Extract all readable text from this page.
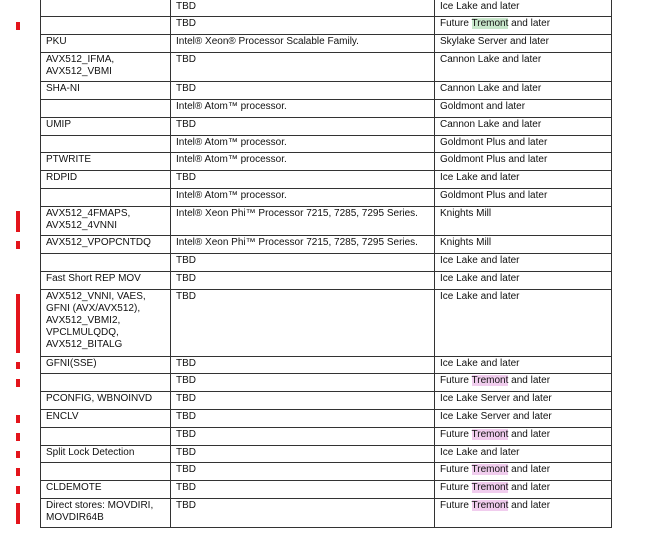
	TBD	Ice Lake and later
	TBD	Future Tremont and later
PKU	Intel® Xeon® Processor Scalable Family.	Skylake Server and later
AVX512_IFMA, AVX512_VBMI	TBD	Cannon Lake and later
SHA-NI	TBD	Cannon Lake and later
	Intel® Atom™ processor.	Goldmont and later
UMIP	TBD	Cannon Lake and later
	Intel® Atom™ processor.	Goldmont Plus and later
PTWRITE	Intel® Atom™ processor.	Goldmont Plus and later
RDPID	TBD	Ice Lake and later
	Intel® Atom™ processor.	Goldmont Plus and later
AVX512_4FMAPS, AVX512_4VNNI	Intel® Xeon Phi™ Processor 7215, 7285, 7295 Series.	Knights Mill
AVX512_VPOPCNTDQ	Intel® Xeon Phi™ Processor 7215, 7285, 7295 Series.	Knights Mill
	TBD	Ice Lake and later
Fast Short REP MOV	TBD	Ice Lake and later
AVX512_VNNI, VAES, GFNI (AVX/AVX512), AVX512_VBMI2, VPCLMULQDQ, AVX512_BITALG	TBD	Ice Lake and later
GFNI(SSE)	TBD	Ice Lake and later
	TBD	Future Tremont and later
PCONFIG, WBNOINVD	TBD	Ice Lake Server and later
ENCLV	TBD	Ice Lake Server and later
	TBD	Future Tremont and later
Split Lock Detection	TBD	Ice Lake and later
	TBD	Future Tremont and later
CLDEMOTE	TBD	Future Tremont and later
Direct stores: MOVDIRI, MOVDIR64B	TBD	Future Tremont and later
